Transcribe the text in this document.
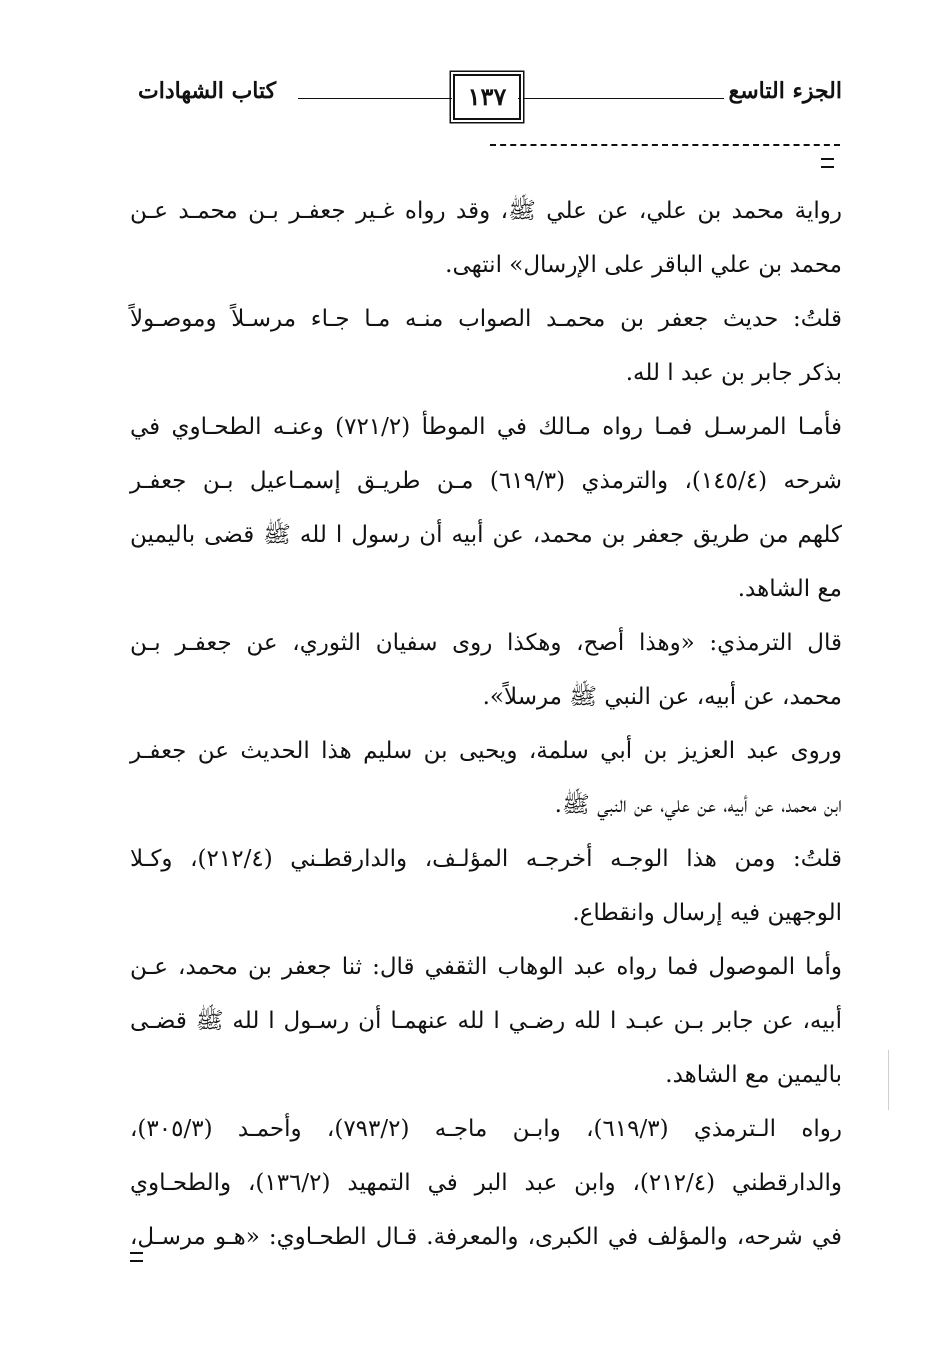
الجزء التاسع
١٣٧
كتاب الشهادات
رواية محمد بن علي، عن علي ﷺ، وقد رواه غـير جعفـر بـن محمـد عـن
محمد بن علي الباقر على الإرسال» انتهى.
قلتُ: حديث جعفر بن محمـد الصواب منـه مـا جـاء مرسـلاً وموصـولاً
بذكر جابر بن عبد ا لله.
فأمـا المرسـل فمـا رواه مـالك في الموطأ (٧٢١/٢) وعنـه الطحـاوي في
شرحه (١٤٥/٤)، والترمذي (٦١٩/٣) مـن طريـق إسمـاعيل بـن جعفـر
كلهم من طريق جعفر بن محمد، عن أبيه أن رسول ا لله ﷺ قضى باليمين
مع الشاهد.
قال الترمذي: «وهذا أصح، وهكذا روى سفيان الثوري، عن جعفـر بـن
محمد، عن أبيه، عن النبي ﷺ مرسلاً».
وروى عبد العزيز بن أبي سلمة، ويحيى بن سليم هذا الحديث عن جعفـر
ابن محمد، عن أبيه، عن علي، عن النبي ﷺ.
قلتُ: ومن هذا الوجـه أخرجـه المؤلـف، والدارقطـني (٢١٢/٤)، وكـلا
الوجهين فيه إرسال وانقطاع.
وأما الموصول فما رواه عبد الوهاب الثقفي قال: ثنا جعفر بن محمد، عـن
أبيه، عن جابر بـن عبـد ا لله رضـي ا لله عنهمـا أن رسـول ا لله ﷺ قضـى
باليمين مع الشاهد.
رواه الـترمذي (٦١٩/٣)، وابـن ماجـه (٧٩٣/٢)، وأحمـد (٣٠٥/٣)،
والدارقطني (٢١٢/٤)، وابن عبد البر في التمهيد (١٣٦/٢)، والطحـاوي
في شرحه، والمؤلف في الكبرى، والمعرفة. قـال الطحـاوي: «هـو مرسـل،
